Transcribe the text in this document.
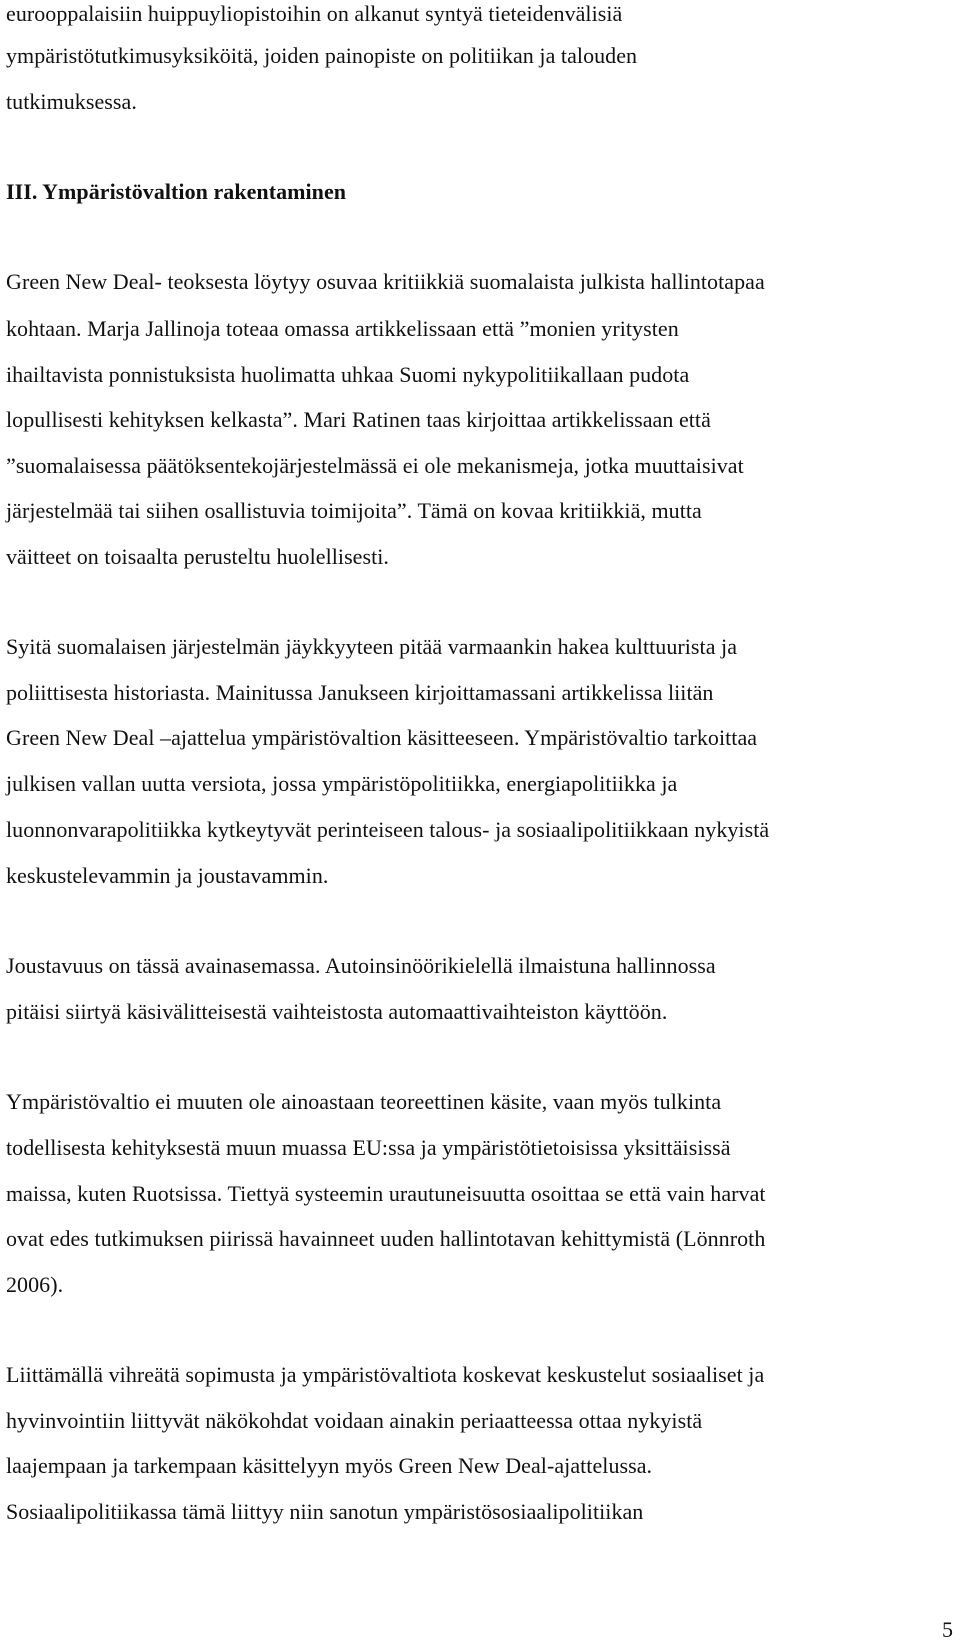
eurooppalaisiin huippuyliopistoihin on alkanut syntyä tieteidenvälisiä
ympäristötutkimusyksiköitä, joiden painopiste on politiikan ja talouden
tutkimuksessa.
III. Ympäristövaltion rakentaminen
Green New Deal- teoksesta löytyy osuvaa kritiikkiä suomalaista julkista hallintotapaa
kohtaan. Marja Jallinoja toteaa omassa artikkelissaan että ”monien yritysten
ihailtavista ponnistuksista huolimatta uhkaa Suomi nykypolitiikallaan pudota
lopullisesti kehityksen kelkasta”. Mari Ratinen taas kirjoittaa artikkelissaan että
”suomalaisessa päätöksentekojärjestelmässä ei ole mekanismeja, jotka muuttaisivat
järjestelmää tai siihen osallistuvia toimijoita”. Tämä on kovaa kritiikkiä, mutta
väitteet on toisaalta perusteltu huolellisesti.
Syitä suomalaisen järjestelmän jäykkyyteen pitää varmaankin hakea kulttuurista ja
poliittisesta historiasta. Mainitussa Janukseen kirjoittamassani artikkelissa liitän
Green New Deal –ajattelua ympäristövaltion käsitteeseen. Ympäristövaltio tarkoittaa
julkisen vallan uutta versiota, jossa ympäristöpolitiikka, energiapolitiikka ja
luonnonvarapolitiikka kytkeytyvät perinteiseen talous- ja sosiaalipolitiikkaan nykyistä
keskustelevammin ja joustavammin.
Joustavuus on tässä avainasemassa. Autoinsinöörikielellä ilmaistuna hallinnossa
pitäisi siirtyä käsivälitteisestä vaihteistosta automaattivaihteiston käyttöön.
Ympäristövaltio ei muuten ole ainoastaan teoreettinen käsite, vaan myös tulkinta
todellisesta kehityksestä muun muassa EU:ssa ja ympäristötietoisissa yksittäisissä
maissa, kuten Ruotsissa. Tiettyä systeemin urautuneisuutta osoittaa se että vain harvat
ovat edes tutkimuksen piirissä havainneet uuden hallintotavan kehittymistä (Lönnroth
2006).
Liittämällä vihreätä sopimusta ja ympäristövaltiota koskevat keskustelut sosiaaliset ja
hyvinvointiin liittyvät näkökohdat voidaan ainakin periaatteessa ottaa nykyistä
laajempaan ja tarkempaan käsittelyyn myös Green New Deal-ajattelussa.
Sosiaalipolitiikassa tämä liittyy niin sanotun ympäristösosiaalipolitiikan
5
